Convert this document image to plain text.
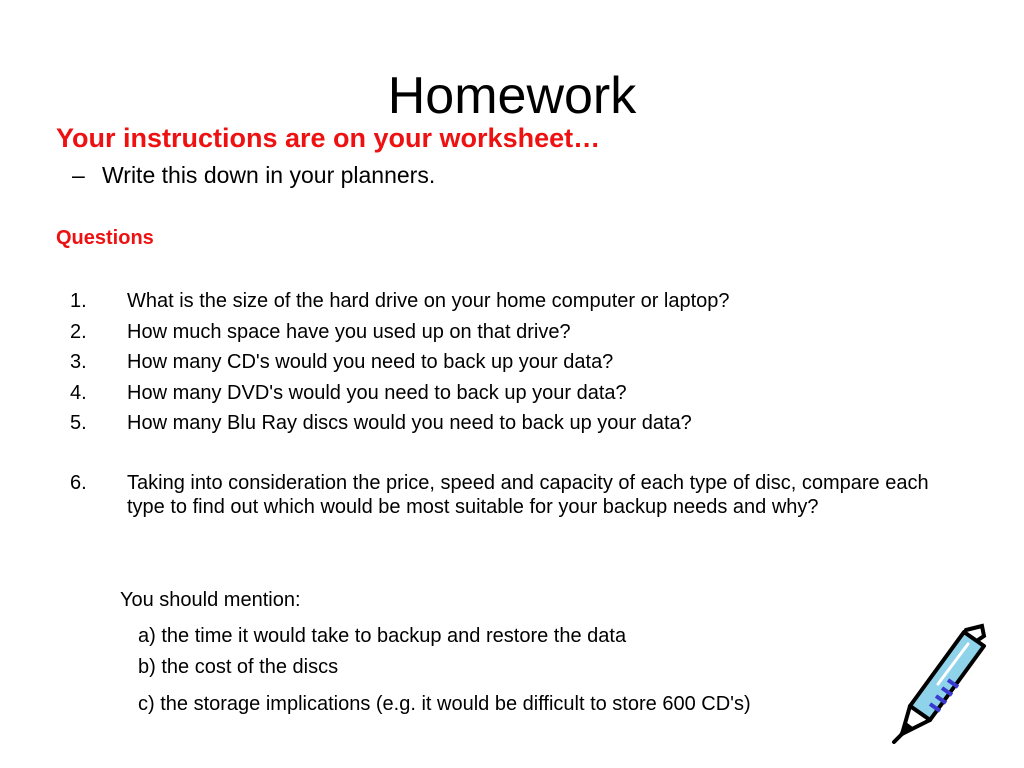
Homework
Your instructions are on your worksheet…
– Write this down in your planners.
Questions
1.	What is the size of the hard drive on your home computer or laptop?
2.	How much space have you used up on that drive?
3.	How many CD's would you need to back up your data?
4.	How many DVD's would you need to back up your data?
5.	How many Blu Ray discs would you need to back up your data?
6.	Taking into consideration the price, speed and capacity of each type of disc, compare each type to find out which would be most suitable for your backup needs and why?
You should mention:
a) the time it would take to backup and restore the data
b) the cost of the discs
c) the storage implications (e.g. it would be difficult to store 600 CD's)
